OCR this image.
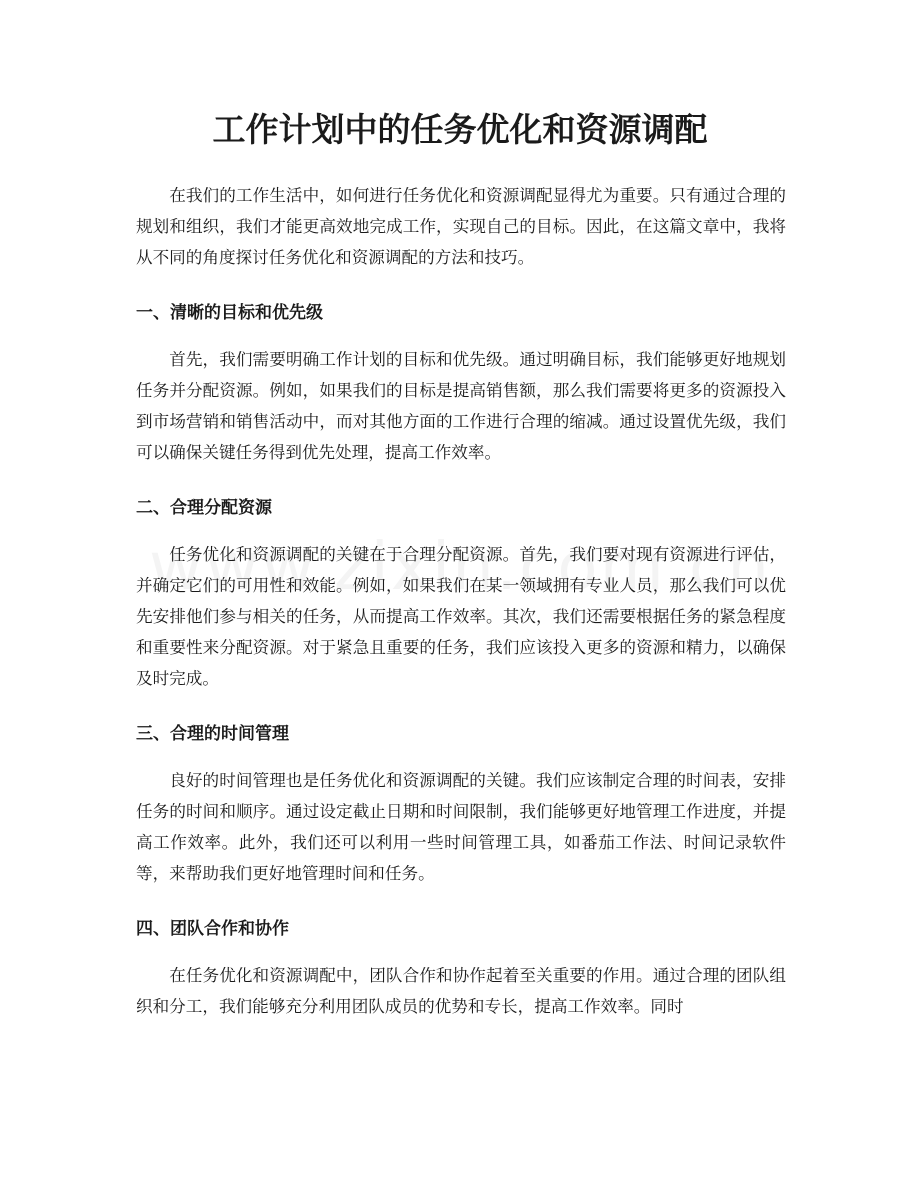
工作计划中的任务优化和资源调配

在我们的工作生活中，如何进行任务优化和资源调配显得尤为重要。只有通过合理的规划和组织，我们才能更高效地完成工作，实现自己的目标。因此，在这篇文章中，我将从不同的角度探讨任务优化和资源调配的方法和技巧。

一、清晰的目标和优先级

首先，我们需要明确工作计划的目标和优先级。通过明确目标，我们能够更好地规划任务并分配资源。例如，如果我们的目标是提高销售额，那么我们需要将更多的资源投入到市场营销和销售活动中，而对其他方面的工作进行合理的缩减。通过设置优先级，我们可以确保关键任务得到优先处理，提高工作效率。

二、合理分配资源

任务优化和资源调配的关键在于合理分配资源。首先，我们要对现有资源进行评估，并确定它们的可用性和效能。例如，如果我们在某一领域拥有专业人员，那么我们可以优先安排他们参与相关的任务，从而提高工作效率。其次，我们还需要根据任务的紧急程度和重要性来分配资源。对于紧急且重要的任务，我们应该投入更多的资源和精力，以确保及时完成。

三、合理的时间管理

良好的时间管理也是任务优化和资源调配的关键。我们应该制定合理的时间表，安排任务的时间和顺序。通过设定截止日期和时间限制，我们能够更好地管理工作进度，并提高工作效率。此外，我们还可以利用一些时间管理工具，如番茄工作法、时间记录软件等，来帮助我们更好地管理时间和任务。

四、团队合作和协作

在任务优化和资源调配中，团队合作和协作起着至关重要的作用。通过合理的团队组织和分工，我们能够充分利用团队成员的优势和专长，提高工作效率。同时
